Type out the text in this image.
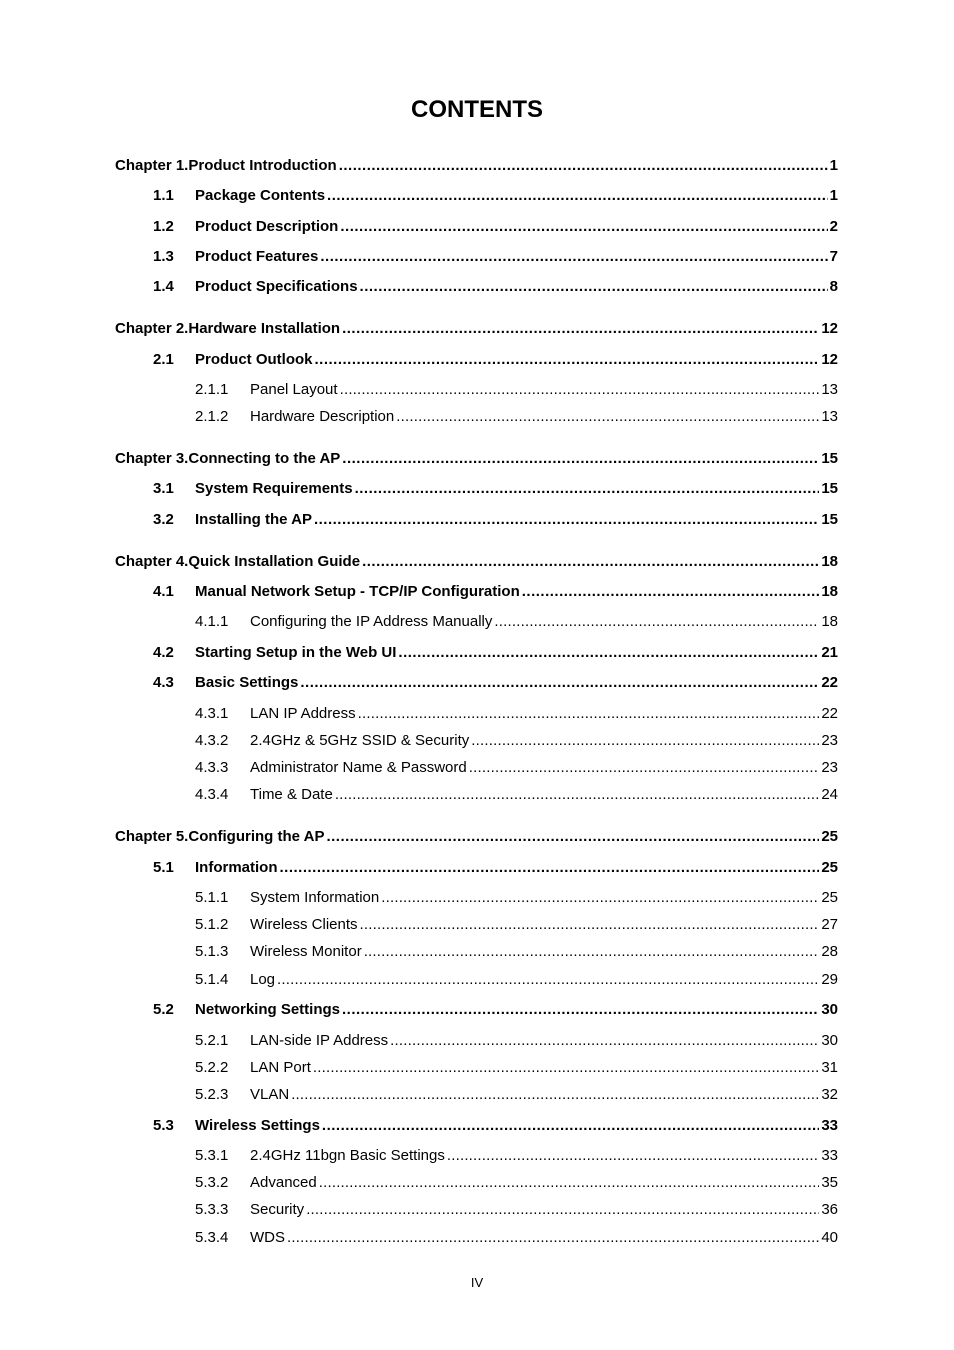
CONTENTS
Chapter 1. Product Introduction .....	1
1.1	Package Contents .....	1
1.2	Product Description .....	2
1.3	Product Features .....	7
1.4	Product Specifications .....	8
Chapter 2. Hardware Installation .....	12
2.1	Product Outlook .....	12
2.1.1	Panel Layout .....	13
2.1.2	Hardware Description .....	13
Chapter 3. Connecting to the AP .....	15
3.1	System Requirements .....	15
3.2	Installing the AP .....	15
Chapter 4. Quick Installation Guide .....	18
4.1	Manual Network Setup - TCP/IP Configuration .....	18
4.1.1	Configuring the IP Address Manually .....	18
4.2	Starting Setup in the Web UI .....	21
4.3	Basic Settings .....	22
4.3.1	LAN IP Address .....	22
4.3.2	2.4GHz & 5GHz SSID & Security .....	23
4.3.3	Administrator Name & Password .....	23
4.3.4	Time & Date .....	24
Chapter 5. Configuring the AP .....	25
5.1	Information .....	25
5.1.1	System Information .....	25
5.1.2	Wireless Clients .....	27
5.1.3	Wireless Monitor .....	28
5.1.4	Log .....	29
5.2	Networking Settings .....	30
5.2.1	LAN-side IP Address .....	30
5.2.2	LAN Port .....	31
5.2.3	VLAN .....	32
5.3	Wireless Settings .....	33
5.3.1	2.4GHz 11bgn Basic Settings .....	33
5.3.2	Advanced .....	35
5.3.3	Security .....	36
5.3.4	WDS .....	40
IV
